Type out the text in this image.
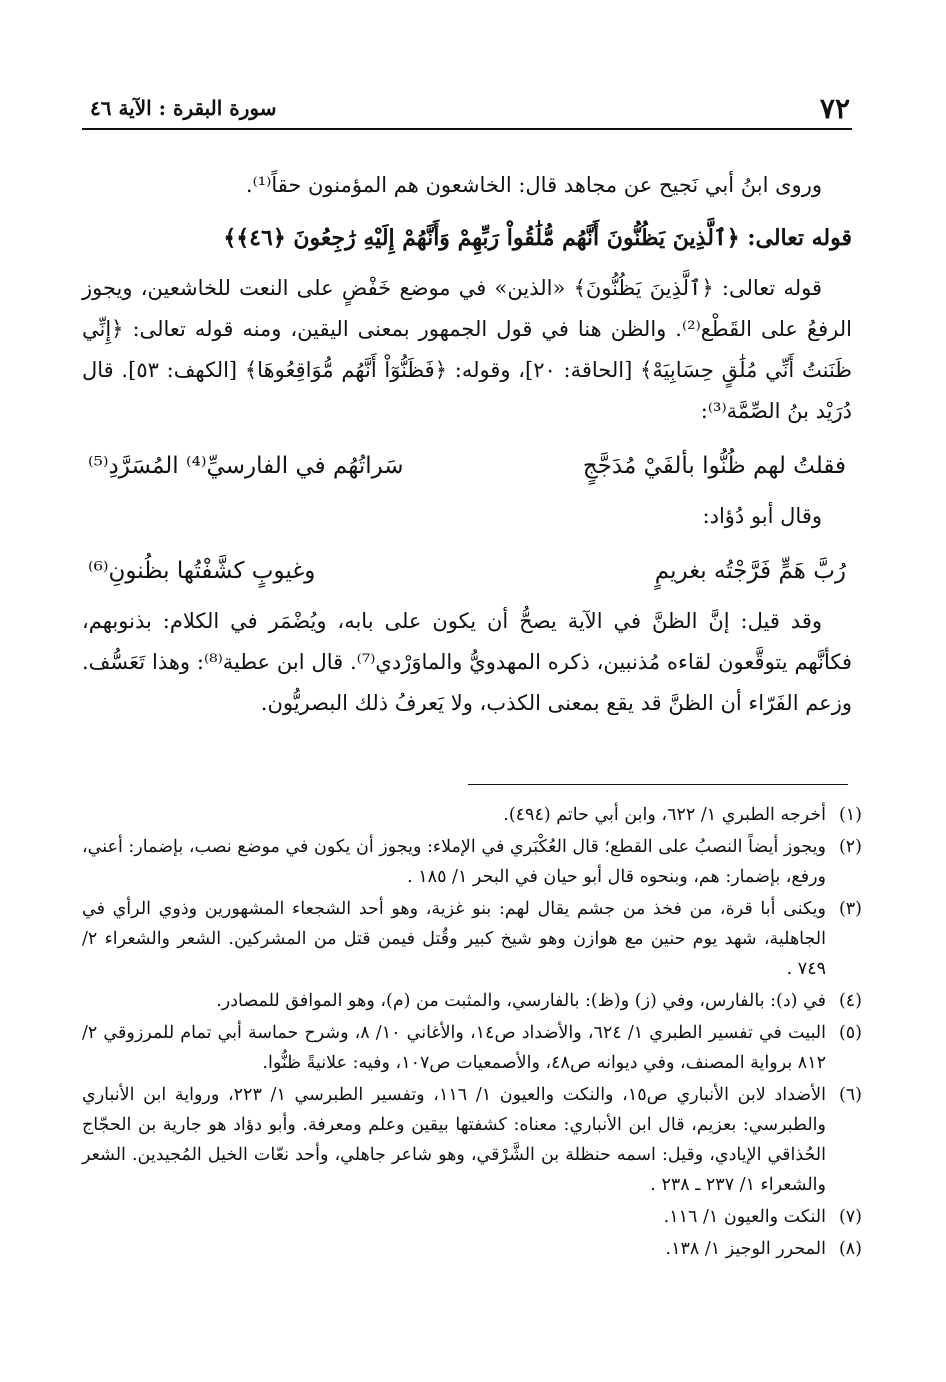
٧٢
سورة البقرة : الآية ٤٦

وروى ابنُ أبي نَجيح عن مجاهد قال: الخاشعون هم المؤمنون حقاً⁽¹⁾.

قوله تعالى: ﴿ٱلَّذِينَ يَظُنُّونَ أَنَّهُم مُّلَٰقُواْ رَبِّهِمْ وَأَنَّهُمْ إِلَيْهِ رَٰجِعُونَ ﴿٤٦﴾﴾

قوله تعالى: ﴿ٱلَّذِينَ يَظُنُّونَ﴾ «الذين» في موضع خَفْضٍ على النعت للخاشعين، ويجوز الرفعُ على القَطْع⁽²⁾. والظن هنا في قول الجمهور بمعنى اليقين، ومنه قوله تعالى: ﴿إِنِّي ظَنَنتُ أَنِّي مُلَٰقٍ حِسَابِيَهْ﴾ [الحاقة: ٢٠]، وقوله: ﴿فَظَنُّوٓاْ أَنَّهُم مُّوَاقِعُوهَا﴾ [الكهف: ٥٣]. قال دُرَيْد بنُ الصِّمَّة⁽³⁾:

فقلتُ لهم ظُنُّوا بألفَيْ مُدَجَّجٍ
سَراتُهُم في الفارسيِّ⁽⁴⁾ المُسَرَّدِ⁽⁵⁾

وقال أبو دُؤاد:

رُبَّ هَمٍّ فَرَّجْتُه بغريمٍ
وغيوبٍ كشَّفْتُها بظُنونِ⁽⁶⁾

وقد قيل: إنَّ الظنَّ في الآية يصحُّ أن يكون على بابه، ويُضْمَر في الكلام: بذنوبهم، فكأنَّهم يتوقَّعون لقاءه مُذنبين، ذكره المهدويُّ والماوَرْدي⁽⁷⁾. قال ابن عطية⁽⁸⁾: وهذا تَعَسُّف. وزعم الفَرّاء أن الظنَّ قد يقع بمعنى الكذب، ولا يَعرفُ ذلك البصريُّون.

(١)
أخرجه الطبري ١/ ٦٢٢، وابن أبي حاتم (٤٩٤).
(٢)
ويجوز أيضاً النصبُ على القطع؛ قال العُكْبَري في الإملاء: ويجوز أن يكون في موضع نصب، بإضمار: أعني، ورفع، بإضمار: هم، وبنحوه قال أبو حيان في البحر ١/ ١٨٥ .
(٣)
ويكنى أبا قرة، من فخذ من جشم يقال لهم: بنو غزية، وهو أحد الشجعاء المشهورين وذوي الرأي في الجاهلية، شهد يوم حنين مع هوازن وهو شيخ كبير وقُتل فيمن قتل من المشركين. الشعر والشعراء ٢/ ٧٤٩ .
(٤)
في (د): بالفارس، وفي (ز) و(ظ): بالفارسي، والمثبت من (م)، وهو الموافق للمصادر.
(٥)
البيت في تفسير الطبري ١/ ٦٢٤، والأضداد ص١٤، والأغاني ١٠/ ٨، وشرح حماسة أبي تمام للمرزوقي ٢/ ٨١٢ برواية المصنف، وفي ديوانه ص٤٨، والأصمعيات ص١٠٧، وفيه: علانيةً ظنُّوا.
(٦)
الأضداد لابن الأنباري ص١٥، والنكت والعيون ١/ ١١٦، وتفسير الطبرسي ١/ ٢٢٣، ورواية ابن الأنباري والطبرسي: بعزيم، قال ابن الأنباري: معناه: كشفتها بيقين وعلم ومعرفة. وأبو دؤاد هو جارية بن الحجّاج الحُذاقي الإيادي، وقيل: اسمه حنظلة بن الشَّرْقي، وهو شاعر جاهلي، وأحد نعّات الخيل المُجيدين. الشعر والشعراء ١/ ٢٣٧ ـ ٢٣٨ .
(٧)
النكت والعيون ١/ ١١٦.
(٨)
المحرر الوجيز ١/ ١٣٨.
